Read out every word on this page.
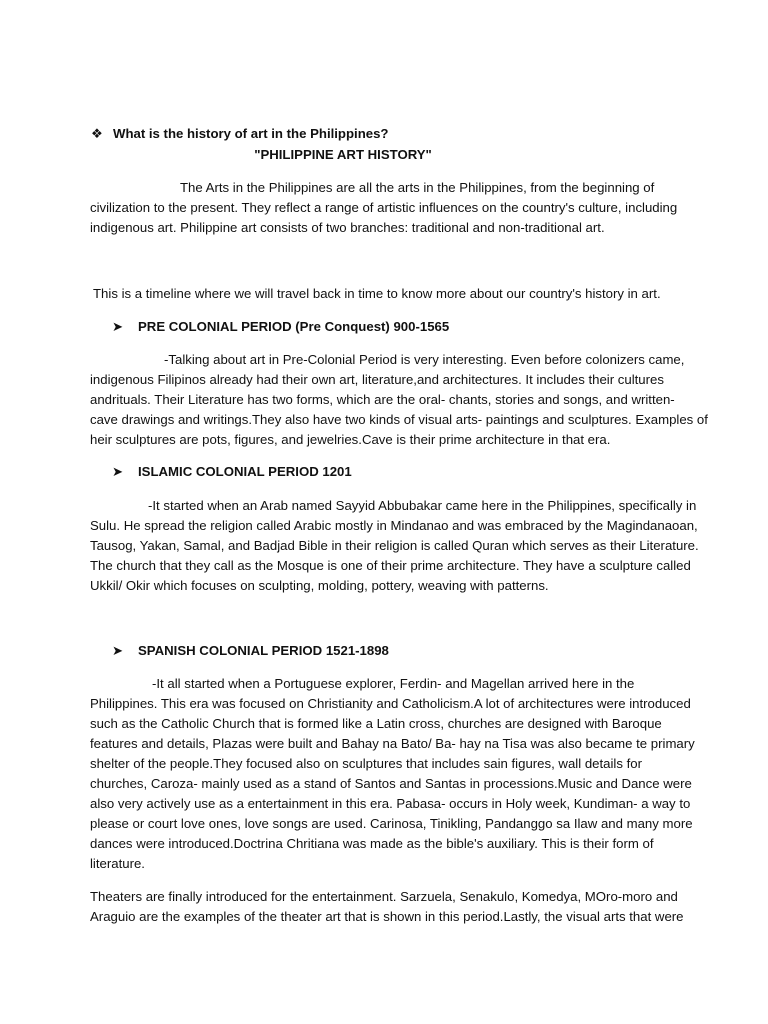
❖ What is the history of art in the Philippines?
"PHILIPPINE ART HISTORY"

The Arts in the Philippines are all the arts in the Philippines, from the beginning of

civilization to the present. They reflect a range of artistic influences on the country's culture, including

indigenous art. Philippine art consists of two branches: traditional and non-traditional art.

This is a timeline where we will travel back in time to know more about our country's history in art.

➤ PRE COLONIAL PERIOD (Pre Conquest) 900-1565

-Talking about art in Pre-Colonial Period is very interesting. Even before colonizers came,

indigenous Filipinos already had their own art, literature,and architectures. It includes their cultures

andrituals. Their Literature has two forms, which are the oral- chants, stories and songs, and written-

cave drawings and writings.They also have two kinds of visual arts- paintings and sculptures. Examples of

heir sculptures are pots, figures, and jewelries.Cave is their prime architecture in that era.

➤ ISLAMIC COLONIAL PERIOD 1201

-It started when an Arab named Sayyid Abbubakar came here in the Philippines, specifically in

Sulu. He spread the religion called Arabic mostly in Mindanao and was embraced by the Magindanaoan,

Tausog, Yakan, Samal, and Badjad Bible in their religion is called Quran which serves as their Literature.

The church that they call as the Mosque is one of their prime architecture. They have a sculpture called

Ukkil/ Okir which focuses on sculpting, molding, pottery, weaving with patterns.

➤ SPANISH COLONIAL PERIOD 1521-1898

-It all started when a Portuguese explorer, Ferdin- and Magellan arrived here in the

Philippines. This era was focused on Christianity and Catholicism.A lot of architectures were introduced

such as the Catholic Church that is formed like a Latin cross, churches are designed with Baroque

features and details, Plazas were built and Bahay na Bato/ Ba- hay na Tisa was also became te primary

shelter of the people.They focused also on sculptures that includes sain figures, wall details for

churches, Caroza- mainly used as a stand of Santos and Santas in processions.Music and Dance were

also very actively use as a entertainment in this era. Pabasa- occurs in Holy week, Kundiman- a way to

please or court love ones, love songs are used. Carinosa, Tinikling, Pandanggo sa Ilaw and many more

dances were introduced.Doctrina Chritiana was made as the bible's auxiliary. This is their form of

literature.

Theaters are finally introduced for the entertainment. Sarzuela, Senakulo, Komedya, MOro-moro and

Araguio are the examples of the theater art that is shown in this period.Lastly, the visual arts that were
